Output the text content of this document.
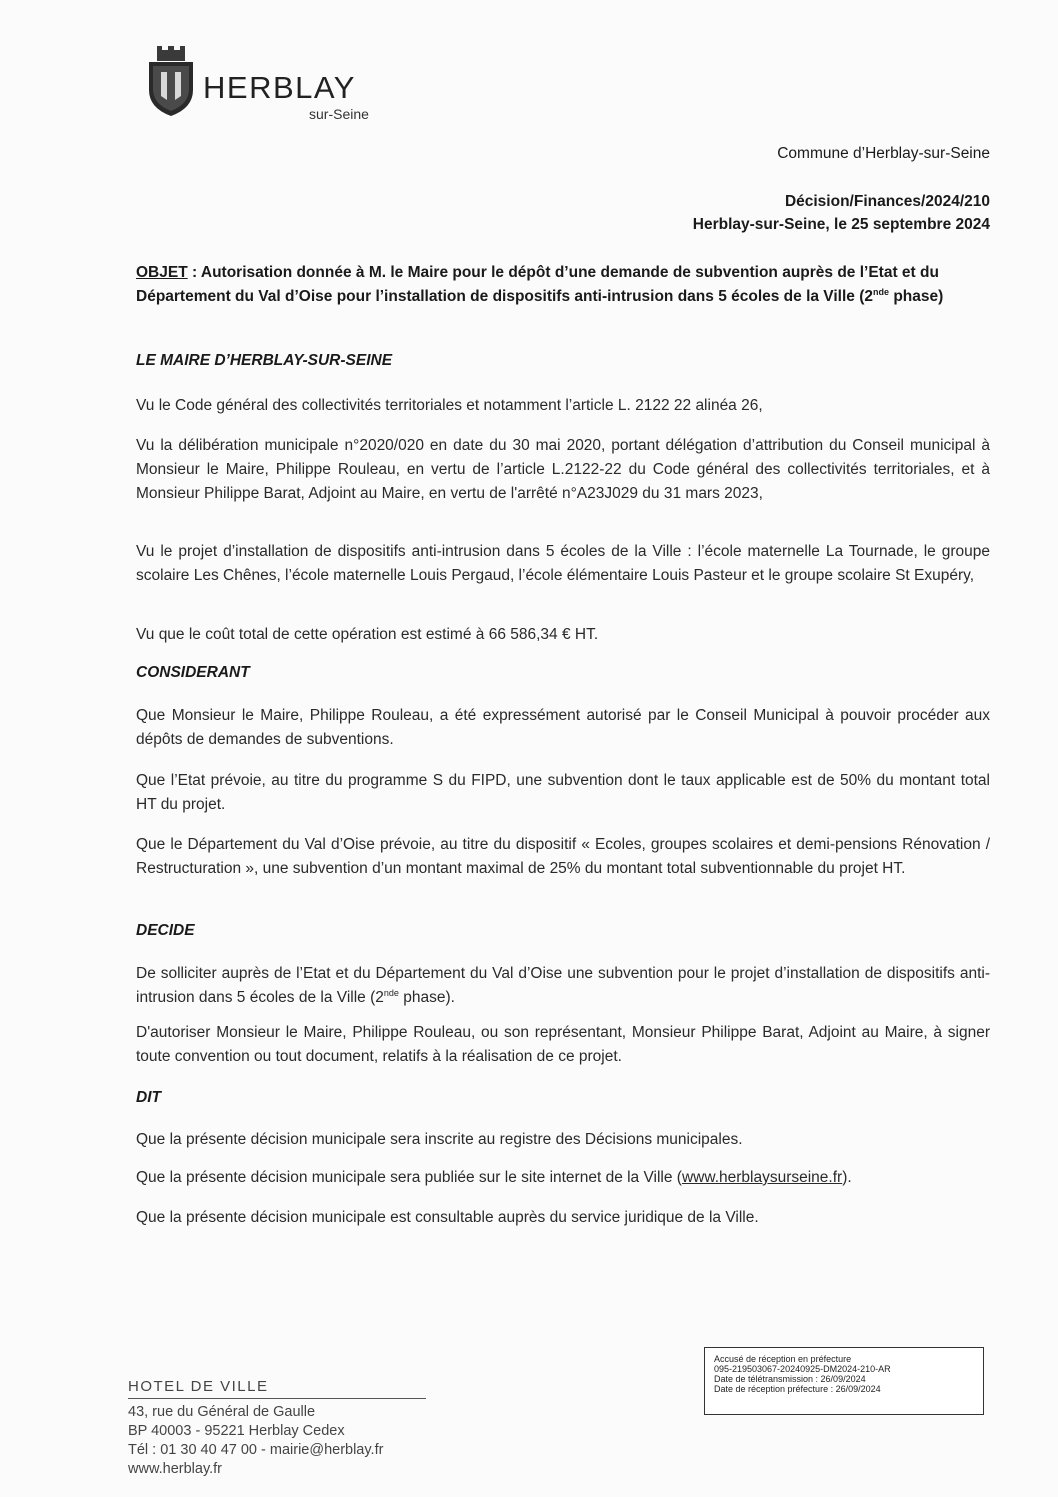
HERBLAY
sur-Seine
Commune d’Herblay-sur-Seine
Décision/Finances/2024/210
Herblay-sur-Seine, le 25 septembre 2024
OBJET : Autorisation donnée à M. le Maire pour le dépôt d’une demande de subvention auprès de l’Etat et du Département du Val d’Oise pour l’installation de dispositifs anti-intrusion dans 5 écoles de la Ville (2nde phase)
LE MAIRE D’HERBLAY-SUR-SEINE
Vu le Code général des collectivités territoriales et notamment l’article L. 2122 22 alinéa 26,
Vu la délibération municipale n°2020/020 en date du 30 mai 2020, portant délégation d’attribution du Conseil municipal à Monsieur le Maire, Philippe Rouleau, en vertu de l’article L.2122-22 du Code général des collectivités territoriales, et à Monsieur Philippe Barat, Adjoint au Maire, en vertu de l'arrêté n°A23J029 du 31 mars 2023,
Vu le projet d’installation de dispositifs anti-intrusion dans 5 écoles de la Ville : l’école maternelle La Tournade, le groupe scolaire Les Chênes, l’école maternelle Louis Pergaud, l’école élémentaire Louis Pasteur et le groupe scolaire St Exupéry,
Vu que le coût total de cette opération est estimé à 66 586,34 € HT.
CONSIDERANT
Que Monsieur le Maire, Philippe Rouleau, a été expressément autorisé par le Conseil Municipal à pouvoir procéder aux dépôts de demandes de subventions.
Que l’Etat prévoie, au titre du programme S du FIPD, une subvention dont le taux applicable est de 50% du montant total HT du projet.
Que le Département du Val d’Oise prévoie, au titre du dispositif « Ecoles, groupes scolaires et demi-pensions Rénovation / Restructuration », une subvention d’un montant maximal de 25% du montant total subventionnable du projet HT.
DECIDE
De solliciter auprès de l’Etat et du Département du Val d’Oise une subvention pour le projet d’installation de dispositifs anti-intrusion dans 5 écoles de la Ville (2nde phase).
D'autoriser Monsieur le Maire, Philippe Rouleau, ou son représentant, Monsieur Philippe Barat, Adjoint au Maire, à signer toute convention ou tout document, relatifs à la réalisation de ce projet.
DIT
Que la présente décision municipale sera inscrite au registre des Décisions municipales.
Que la présente décision municipale sera publiée sur le site internet de la Ville (www.herblaysurseine.fr).
Que la présente décision municipale est consultable auprès du service juridique de la Ville.
Accusé de réception en préfecture
095-219503067-20240925-DM2024-210-AR
Date de télétransmission : 26/09/2024
Date de réception préfecture : 26/09/2024
HOTEL DE VILLE
43, rue du Général de Gaulle
BP 40003 - 95221 Herblay Cedex
Tél : 01 30 40 47 00 - mairie@herblay.fr
www.herblay.fr
